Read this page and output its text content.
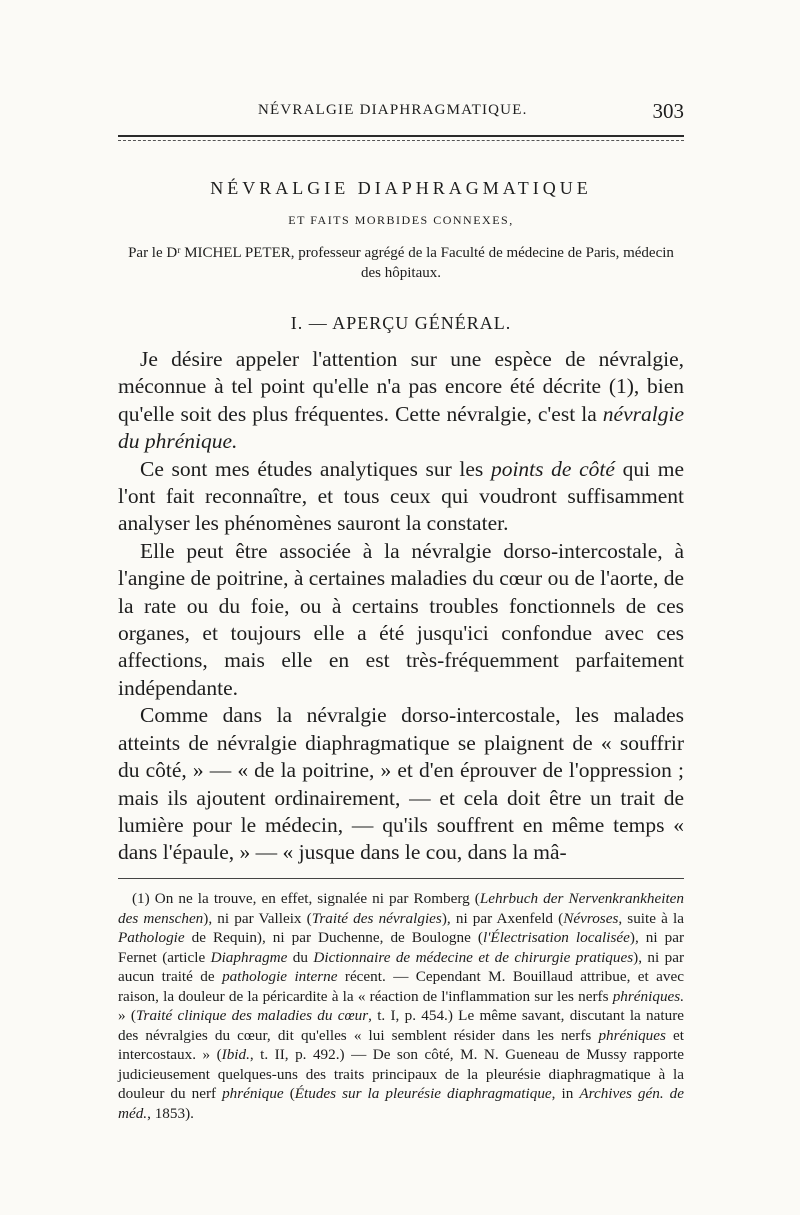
NÉVRALGIE DIAPHRAGMATIQUE.	303
NÉVRALGIE DIAPHRAGMATIQUE
ET FAITS MORBIDES CONNEXES,
Par le Dʳ MICHEL PETER, professeur agrégé de la Faculté de médecine de Paris, médecin des hôpitaux.
I. — APERÇU GÉNÉRAL.

Je désire appeler l'attention sur une espèce de névralgie, méconnue à tel point qu'elle n'a pas encore été décrite (1), bien qu'elle soit des plus fréquentes. Cette névralgie, c'est la névralgie du phrénique.

Ce sont mes études analytiques sur les points de côté qui me l'ont fait reconnaître, et tous ceux qui voudront suffisamment analyser les phénomènes sauront la constater.

Elle peut être associée à la névralgie dorso-intercostale, à l'angine de poitrine, à certaines maladies du cœur ou de l'aorte, de la rate ou du foie, ou à certains troubles fonctionnels de ces organes, et toujours elle a été jusqu'ici confondue avec ces affections, mais elle en est très-fréquemment parfaitement indépendante.

Comme dans la névralgie dorso-intercostale, les malades atteints de névralgie diaphragmatique se plaignent de « souffrir du côté, » — « de la poitrine, » et d'en éprouver de l'oppression ; mais ils ajoutent ordinairement, — et cela doit être un trait de lumière pour le médecin, — qu'ils souffrent en même temps « dans l'épaule, » — « jusque dans le cou, dans la mâ-

(1) On ne la trouve, en effet, signalée ni par Romberg (Lehrbuch der Nervenkrankheiten des menschen), ni par Valleix (Traité des névralgies), ni par Axenfeld (Névroses, suite à la Pathologie de Requin), ni par Duchenne, de Boulogne (l'Électrisation localisée), ni par Fernet (article Diaphragme du Dictionnaire de médecine et de chirurgie pratiques), ni par aucun traité de pathologie interne récent. — Cependant M. Bouillaud attribue, et avec raison, la douleur de la péricardite à la « réaction de l'inflammation sur les nerfs phréniques. » (Traité clinique des maladies du cœur, t. I, p. 454.) Le même savant, discutant la nature des névralgies du cœur, dit qu'elles « lui semblent résider dans les nerfs phréniques et intercostaux. » (Ibid., t. II, p. 492.) — De son côté, M. N. Gueneau de Mussy rapporte judicieusement quelques-uns des traits principaux de la pleurésie diaphragmatique à la douleur du nerf phrénique (Études sur la pleurésie diaphragmatique, in Archives gén. de méd., 1853).
